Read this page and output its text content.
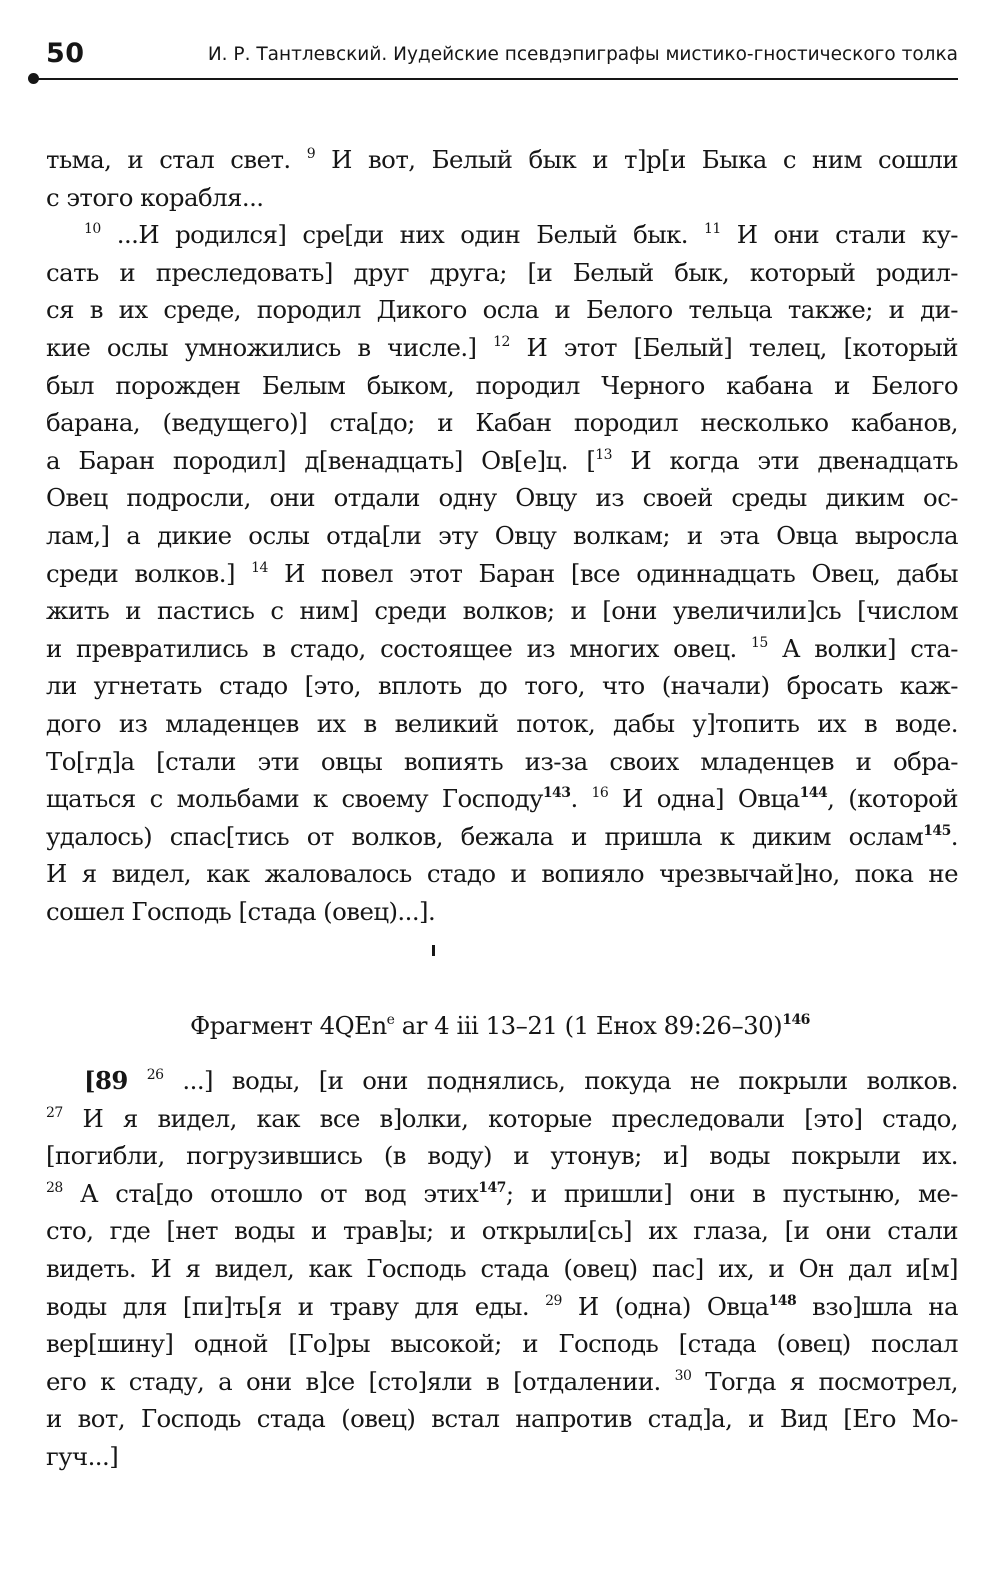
50	И. Р. Тантлевский. Иудейские псевдэпиграфы мистико-гностического толка
тьма, и стал свет. $^9$ И вот, Белый бык и т]р[и Быка с ним сошли
с этого корабля...
$^{10}$ ...И родился] сре[ди них один Белый бык. $^{11}$ И они стали ку-
сать и преследовать] друг друга; [и Белый бык, который родил-
ся в их среде, породил Дикого осла и Белого тельца также; и ди-
кие ослы умножились в числе.] $^{12}$ И этот [Белый] телец, [который
был порожден Белым быком, породил Черного кабана и Белого
барана, (ведущего)] ста[до; и Кабан породил несколько кабанов,
а Баран породил] д[венадцать] Ов[е]ц. [$^{13}$ И когда эти двенадцать
Овец подросли, они отдали одну Овцу из своей среды диким ос-
лам,] а дикие ослы отда[ли эту Овцу волкам; и эта Овца выросла
среди волков.] $^{14}$ И повел этот Баран [все одиннадцать Овец, дабы
жить и пастись с ним] среди волков; и [они увеличили]сь [числом
и превратились в стадо, состоящее из многих овец. $^{15}$ А волки] ста-
ли угнетать стадо [это, вплоть до того, что (начали) бросать каж-
дого из младенцев их в великий поток, дабы у]топить их в воде.
То[гд]а [стали эти овцы вопиять из-за своих младенцев и обра-
щаться с мольбами к своему Господу$^{143}$. $^{16}$ И одна] Овца$^{144}$, (которой
удалось) спас[тись от волков, бежала и пришла к диким ослам$^{145}$.
И я видел, как жаловалось стадо и вопияло чрезвычай]но, пока не
сошел Господь [стада (овец)...].
Фрагмент 4QEn$^e$ ar 4 iii 13–21 (1 Енох 89:26–30)$^{146}$
[89 $^{26}$ ...] воды, [и они поднялись, покуда не покрыли волков.
$^{27}$ И я видел, как все в]олки, которые преследовали [это] стадо,
[погибли, погрузившись (в воду) и утонув; и] воды покрыли их.
$^{28}$ А ста[до отошло от вод этих$^{147}$; и пришли] они в пустыню, ме-
сто, где [нет воды и трав]ы; и открыли[сь] их глаза, [и они стали
видеть. И я видел, как Господь стада (овец) пас] их, и Он дал и[м]
воды для [пи]ть[я и траву для еды. $^{29}$ И (одна) Овца$^{148}$ взо]шла на
вер[шину] одной [Го]ры высокой; и Господь [стада (овец) послал
его к стаду, а они в]се [сто]яли в [отдалении. $^{30}$ Тогда я посмотрел,
и вот, Господь стада (овец) встал напротив стад]а, и Вид [Его Мо-
гуч...]
